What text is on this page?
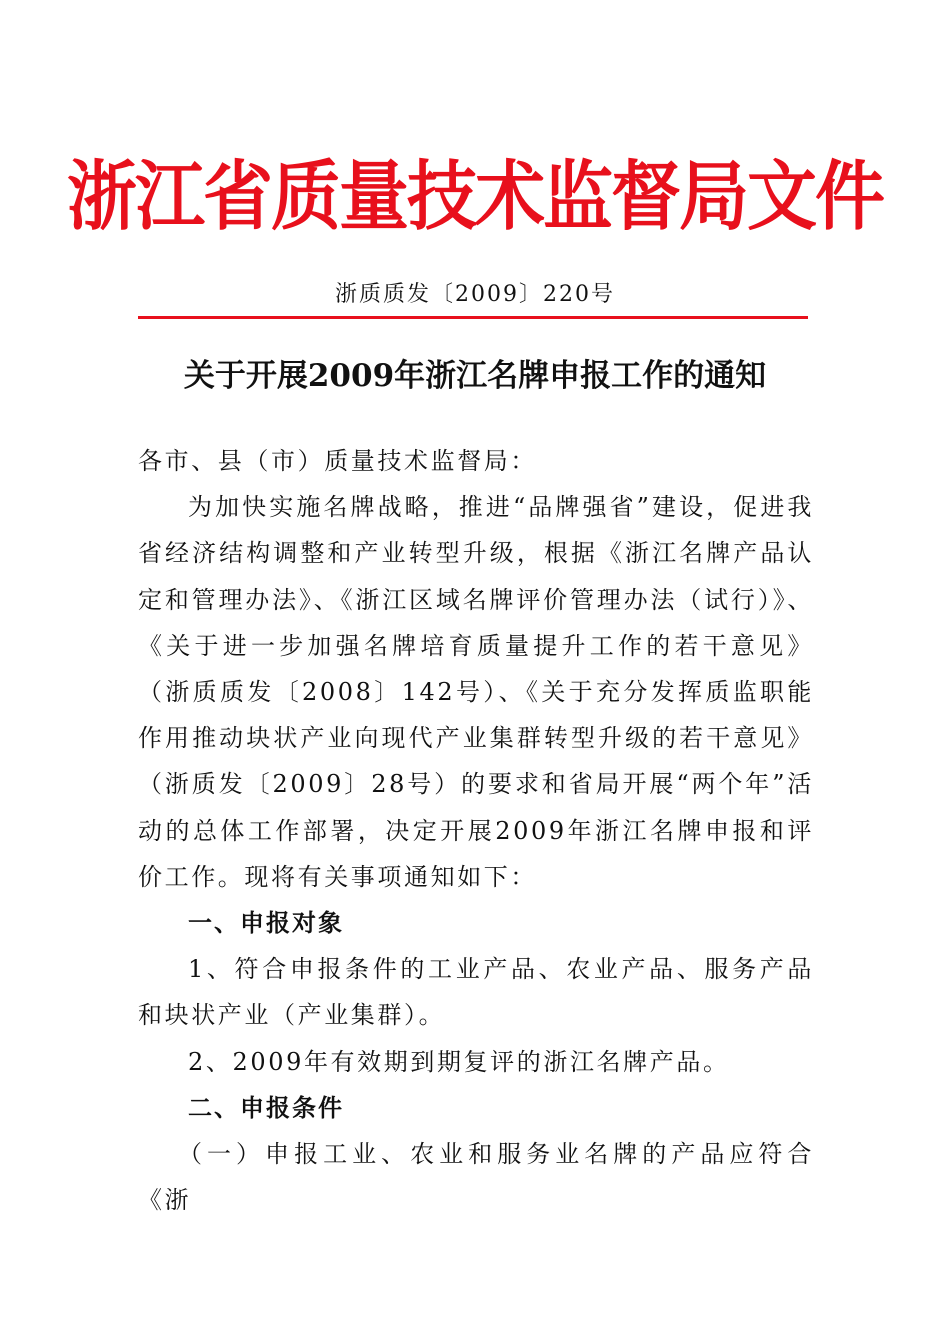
浙江省质量技术监督局文件
浙质质发〔2009〕220号
关于开展2009年浙江名牌申报工作的通知

各市、县（市）质量技术监督局：

为加快实施名牌战略，推进“品牌强省”建设，促进我省经济结构调整和产业转型升级，根据《浙江名牌产品认定和管理办法》、《浙江区域名牌评价管理办法（试行）》、《关于进一步加强名牌培育质量提升工作的若干意见》（浙质质发〔2008〕142号）、《关于充分发挥质监职能作用推动块状产业向现代产业集群转型升级的若干意见》（浙质发〔2009〕28号）的要求和省局开展“两个年”活动的总体工作部署，决定开展2009年浙江名牌申报和评价工作。现将有关事项通知如下：

一、申报对象

1、符合申报条件的工业产品、农业产品、服务产品和块状产业（产业集群）。

2、2009年有效期到期复评的浙江名牌产品。

二、申报条件

（一）申报工业、农业和服务业名牌的产品应符合《浙
